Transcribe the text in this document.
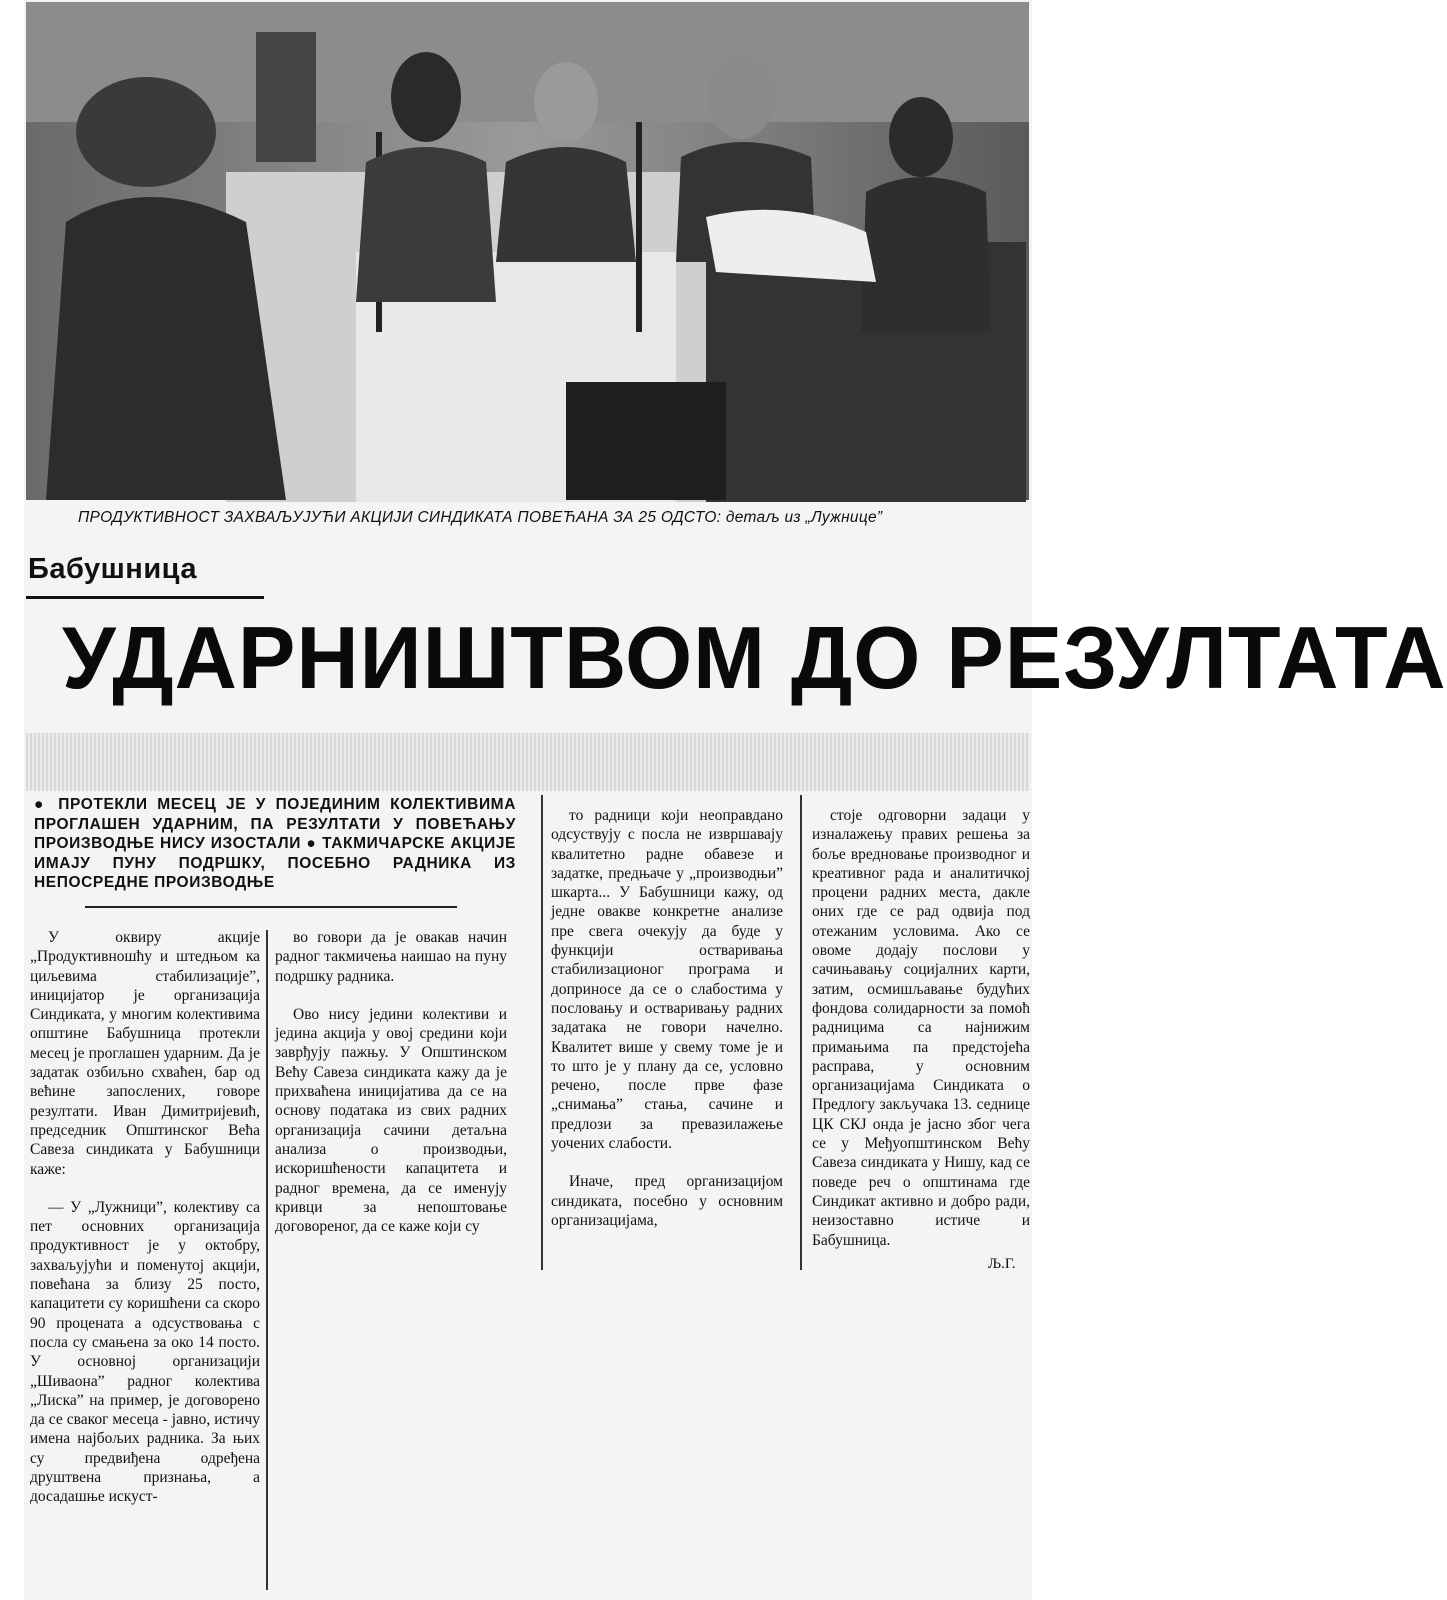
ПРОДУКТИВНОСТ ЗАХВАЉУЈУЋИ АКЦИЈИ СИНДИКАТА ПОВЕЋАНА ЗА 25 ОДСТО: детаљ из „Лужнице”
Бабушница
УДАРНИШТВОМ ДО РЕЗУЛТАТА

● ПРОТЕКЛИ МЕСЕЦ ЈЕ У ПОЈЕДИНИМ КОЛЕКТИВИМА ПРОГЛАШЕН УДАРНИМ, ПА РЕЗУЛТАТИ У ПОВЕЋАЊУ ПРОИЗВОДЊЕ НИСУ ИЗОСТАЛИ ● ТАКМИЧАРСКЕ АКЦИЈЕ ИМАЈУ ПУНУ ПОДРШКУ, ПОСЕБНО РАДНИКА ИЗ НЕПОСРЕДНЕ ПРОИЗВОДЊЕ

У оквиру акције „Продуктивношћу и штедњом ка циљевима стабилизације”, иницијатор је организација Синдиката, у многим колективима општине Бабушница протекли месец је проглашен ударним. Да је задатак озбиљно схваћен, бар од већине запослених, говоре резултати. Иван Димитријевић, председник Општинског Већа Савеза синдиката у Бабушници каже:

— У „Лужници”, колективу са пет основних организација продуктивност је у октобру, захваљујући и поменутој акцији, повећана за близу 25 посто, капацитети су коришћени са скоро 90 процената а одсуствовања с посла су смањена за око 14 посто. У основној организацији „Шиваона” радног колектива „Лиска” на пример, је договорено да се сваког месеца - јавно, истичу имена најбољих радника. За њих су предвиђена одређена друштвена признања, а досадашње искуст-

во говори да је овакав начин радног такмичења наишао на пуну подршку радника.

Ово нису једини колективи и једина акција у овој средини који заврђују пажњу. У Општинском Већу Савеза синдиката кажу да је прихваћена иницијатива да се на основу података из свих радних организација сачини детаљна анализа о производњи, искоришћености капацитета и радног времена, да се именују кривци за непоштовање договореног, да се каже који су

то радници који неоправдано одсуствују с посла не извршавају квалитетно радне обавезе и задатке, предњаче у „производњи” шкарта... У Бабушници кажу, од једне овакве конкретне анализе пре свега очекују да буде у функцији остваривања стабилизационог програма и доприносе да се о слабостима у пословању и остваривању радних задатака не говори начелно. Квалитет више у свему томе је и то што је у плану да се, условно речено, после прве фазе „снимања” стања, сачине и предлози за превазилажење уочених слабости.

Иначе, пред организацијом синдиката, посебно у основним организацијама,

стоје одговорни задаци у изналажењу правих решења за боље вредновање производног и креативног рада и аналитичкој процени радних места, дакле оних где се рад одвија под отежаним условима. Ако се овоме додају послови у сачињавању социјалних карти, затим, осмишљавање будућих фондова солидарности за помоћ радницима са најнижим примањима па предстојећа расправа, у основним организацијама Синдиката о Предлогу закључака 13. седнице ЦК СКЈ онда је јасно због чега се у Међуопштинском Већу Савеза синдиката у Нишу, кад се поведе реч о општинама где Синдикат активно и добро ради, неизоставно истиче и Бабушница.

Љ.Г.
